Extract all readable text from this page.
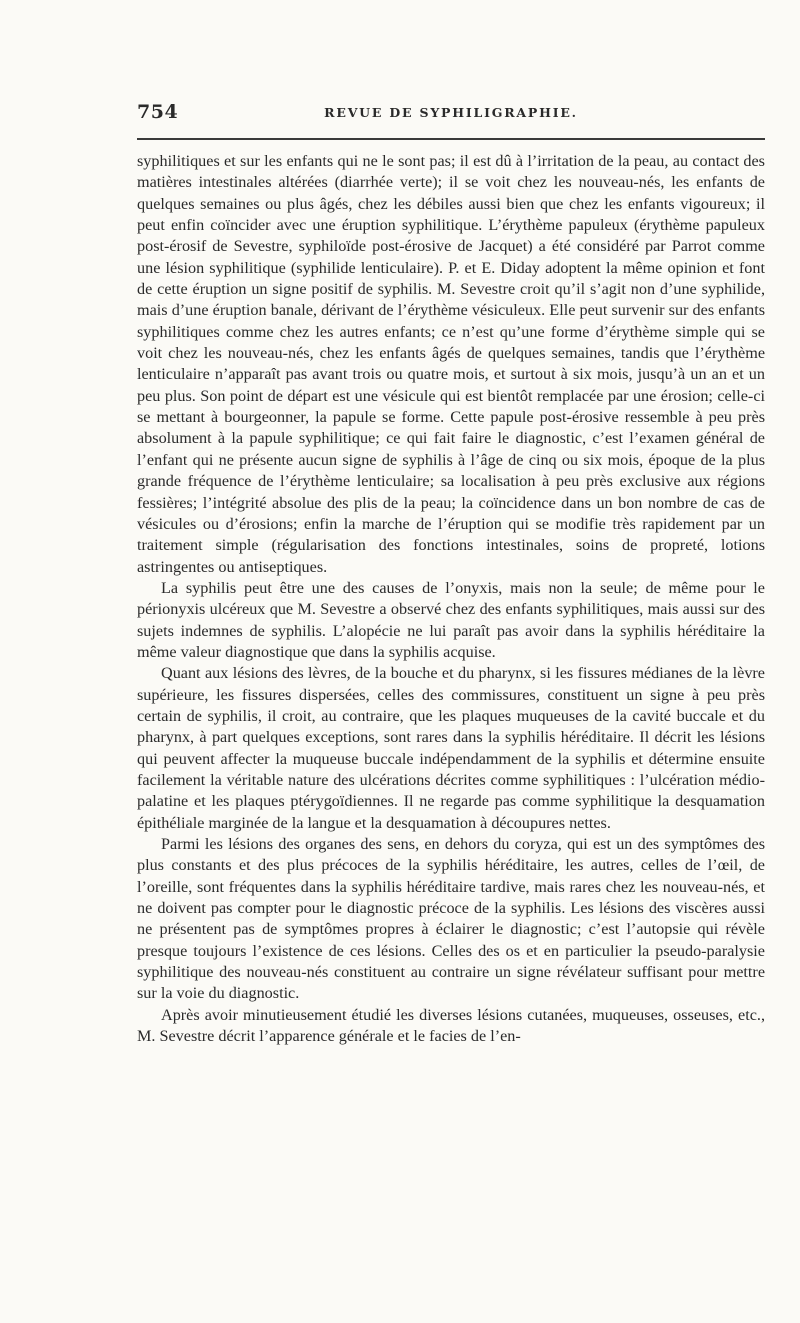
754	REVUE DE SYPHILIGRAPHIE.

syphilitiques et sur les enfants qui ne le sont pas; il est dû à l’irritation de la peau, au contact des matières intestinales altérées (diarrhée verte); il se voit chez les nouveau-nés, les enfants de quelques semaines ou plus âgés, chez les débiles aussi bien que chez les enfants vigoureux; il peut enfin coïncider avec une éruption syphilitique. L’érythème papuleux (érythème papuleux post-érosif de Sevestre, syphiloïde post-érosive de Jacquet) a été considéré par Parrot comme une lésion syphilitique (syphilide lenticulaire). P. et E. Diday adoptent la même opinion et font de cette éruption un signe positif de syphilis. M. Sevestre croit qu’il s’agit non d’une syphilide, mais d’une éruption banale, dérivant de l’érythème vésiculeux. Elle peut survenir sur des enfants syphilitiques comme chez les autres enfants; ce n’est qu’une forme d’érythème simple qui se voit chez les nouveau-nés, chez les enfants âgés de quelques semaines, tandis que l’érythème lenticulaire n’apparaît pas avant trois ou quatre mois, et surtout à six mois, jusqu’à un an et un peu plus. Son point de départ est une vésicule qui est bientôt remplacée par une érosion; celle-ci se mettant à bourgeonner, la papule se forme. Cette papule post-érosive ressemble à peu près absolument à la papule syphilitique; ce qui fait faire le diagnostic, c’est l’examen général de l’enfant qui ne présente aucun signe de syphilis à l’âge de cinq ou six mois, époque de la plus grande fréquence de l’érythème lenticulaire; sa localisation à peu près exclusive aux régions fessières; l’intégrité absolue des plis de la peau; la coïncidence dans un bon nombre de cas de vésicules ou d’érosions; enfin la marche de l’éruption qui se modifie très rapidement par un traitement simple (régularisation des fonctions intestinales, soins de propreté, lotions astringentes ou antiseptiques.

La syphilis peut être une des causes de l’onyxis, mais non la seule; de même pour le périonyxis ulcéreux que M. Sevestre a observé chez des enfants syphilitiques, mais aussi sur des sujets indemnes de syphilis. L’alopécie ne lui paraît pas avoir dans la syphilis héréditaire la même valeur diagnostique que dans la syphilis acquise.

Quant aux lésions des lèvres, de la bouche et du pharynx, si les fissures médianes de la lèvre supérieure, les fissures dispersées, celles des commissures, constituent un signe à peu près certain de syphilis, il croit, au contraire, que les plaques muqueuses de la cavité buccale et du pharynx, à part quelques exceptions, sont rares dans la syphilis héréditaire. Il décrit les lésions qui peuvent affecter la muqueuse buccale indépendamment de la syphilis et détermine ensuite facilement la véritable nature des ulcérations décrites comme syphilitiques : l’ulcération médio-palatine et les plaques ptérygoïdiennes. Il ne regarde pas comme syphilitique la desquamation épithéliale marginée de la langue et la desquamation à découpures nettes.

Parmi les lésions des organes des sens, en dehors du coryza, qui est un des symptômes des plus constants et des plus précoces de la syphilis héréditaire, les autres, celles de l’œil, de l’oreille, sont fréquentes dans la syphilis héréditaire tardive, mais rares chez les nouveau-nés, et ne doivent pas compter pour le diagnostic précoce de la syphilis. Les lésions des viscères aussi ne présentent pas de symptômes propres à éclairer le diagnostic; c’est l’autopsie qui révèle presque toujours l’existence de ces lésions. Celles des os et en particulier la pseudo-paralysie syphilitique des nouveau-nés constituent au contraire un signe révélateur suffisant pour mettre sur la voie du diagnostic.

Après avoir minutieusement étudié les diverses lésions cutanées, muqueuses, osseuses, etc., M. Sevestre décrit l’apparence générale et le facies de l’en-
